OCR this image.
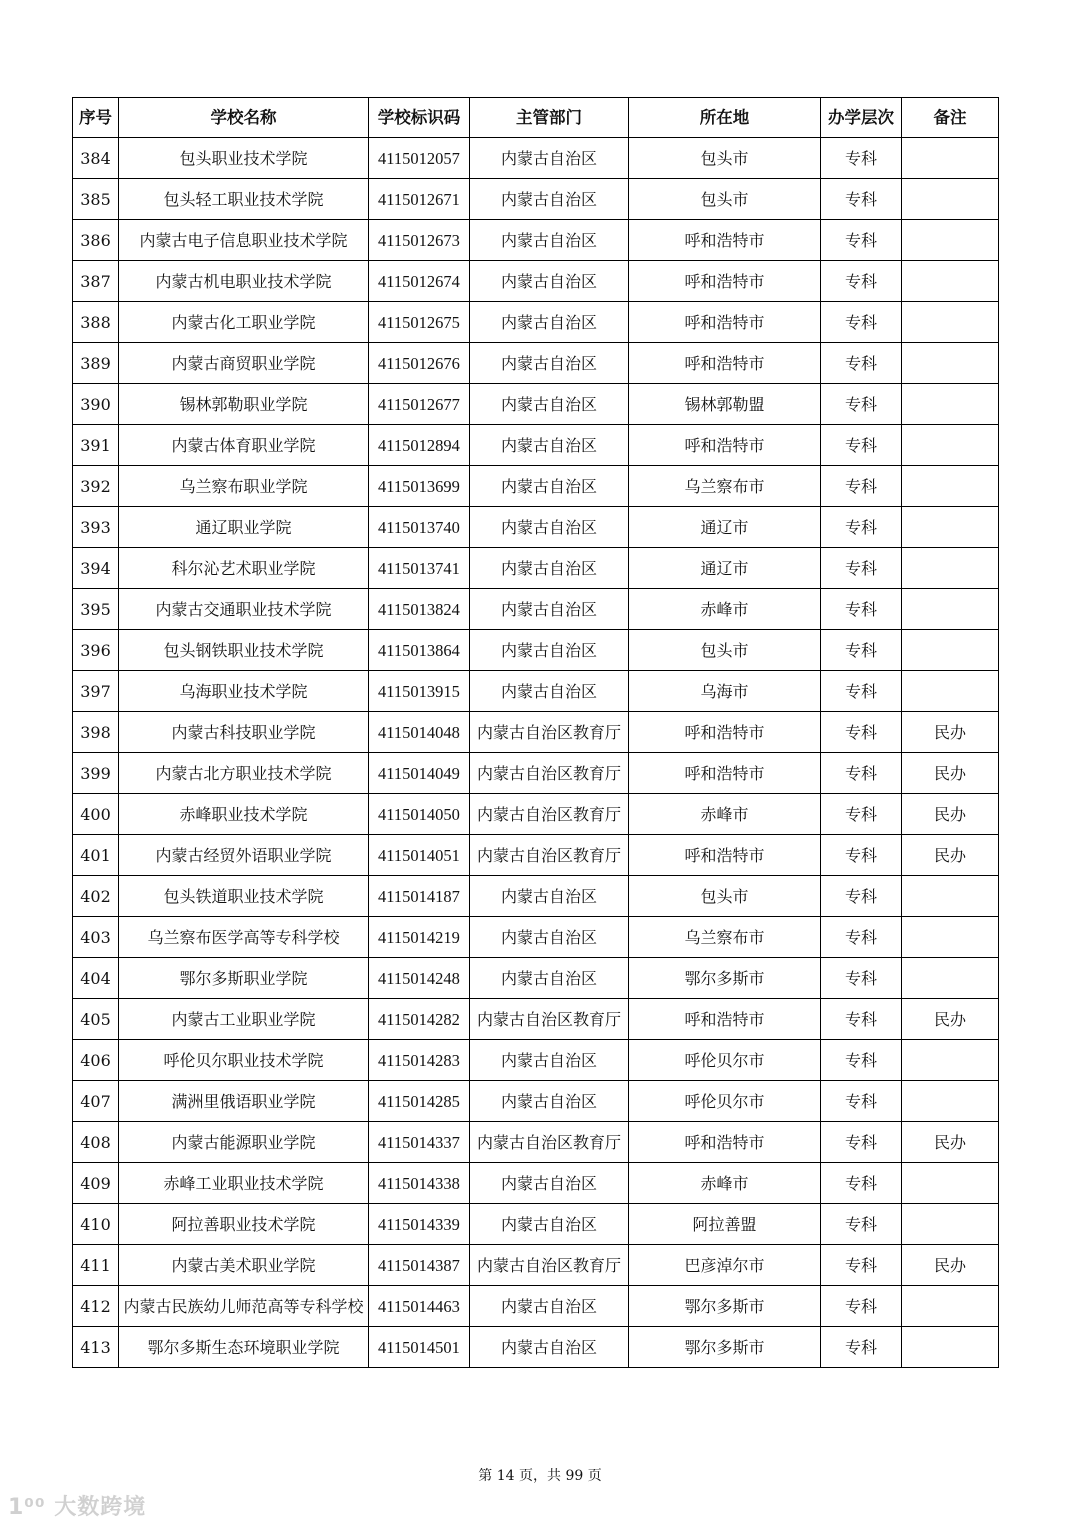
序号	学校名称	学校标识码	主管部门	所在地	办学层次	备注
384	包头职业技术学院	4115012057	内蒙古自治区	包头市	专科	
385	包头轻工职业技术学院	4115012671	内蒙古自治区	包头市	专科	
386	内蒙古电子信息职业技术学院	4115012673	内蒙古自治区	呼和浩特市	专科	
387	内蒙古机电职业技术学院	4115012674	内蒙古自治区	呼和浩特市	专科	
388	内蒙古化工职业学院	4115012675	内蒙古自治区	呼和浩特市	专科	
389	内蒙古商贸职业学院	4115012676	内蒙古自治区	呼和浩特市	专科	
390	锡林郭勒职业学院	4115012677	内蒙古自治区	锡林郭勒盟	专科	
391	内蒙古体育职业学院	4115012894	内蒙古自治区	呼和浩特市	专科	
392	乌兰察布职业学院	4115013699	内蒙古自治区	乌兰察布市	专科	
393	通辽职业学院	4115013740	内蒙古自治区	通辽市	专科	
394	科尔沁艺术职业学院	4115013741	内蒙古自治区	通辽市	专科	
395	内蒙古交通职业技术学院	4115013824	内蒙古自治区	赤峰市	专科	
396	包头钢铁职业技术学院	4115013864	内蒙古自治区	包头市	专科	
397	乌海职业技术学院	4115013915	内蒙古自治区	乌海市	专科	
398	内蒙古科技职业学院	4115014048	内蒙古自治区教育厅	呼和浩特市	专科	民办
399	内蒙古北方职业技术学院	4115014049	内蒙古自治区教育厅	呼和浩特市	专科	民办
400	赤峰职业技术学院	4115014050	内蒙古自治区教育厅	赤峰市	专科	民办
401	内蒙古经贸外语职业学院	4115014051	内蒙古自治区教育厅	呼和浩特市	专科	民办
402	包头铁道职业技术学院	4115014187	内蒙古自治区	包头市	专科	
403	乌兰察布医学高等专科学校	4115014219	内蒙古自治区	乌兰察布市	专科	
404	鄂尔多斯职业学院	4115014248	内蒙古自治区	鄂尔多斯市	专科	
405	内蒙古工业职业学院	4115014282	内蒙古自治区教育厅	呼和浩特市	专科	民办
406	呼伦贝尔职业技术学院	4115014283	内蒙古自治区	呼伦贝尔市	专科	
407	满洲里俄语职业学院	4115014285	内蒙古自治区	呼伦贝尔市	专科	
408	内蒙古能源职业学院	4115014337	内蒙古自治区教育厅	呼和浩特市	专科	民办
409	赤峰工业职业技术学院	4115014338	内蒙古自治区	赤峰市	专科	
410	阿拉善职业技术学院	4115014339	内蒙古自治区	阿拉善盟	专科	
411	内蒙古美术职业学院	4115014387	内蒙古自治区教育厅	巴彦淖尔市	专科	民办
412	内蒙古民族幼儿师范高等专科学校	4115014463	内蒙古自治区	鄂尔多斯市	专科	
413	鄂尔多斯生态环境职业学院	4115014501	内蒙古自治区	鄂尔多斯市	专科	
第 14 页，共 99 页
1⁰⁰ 大数跨境
